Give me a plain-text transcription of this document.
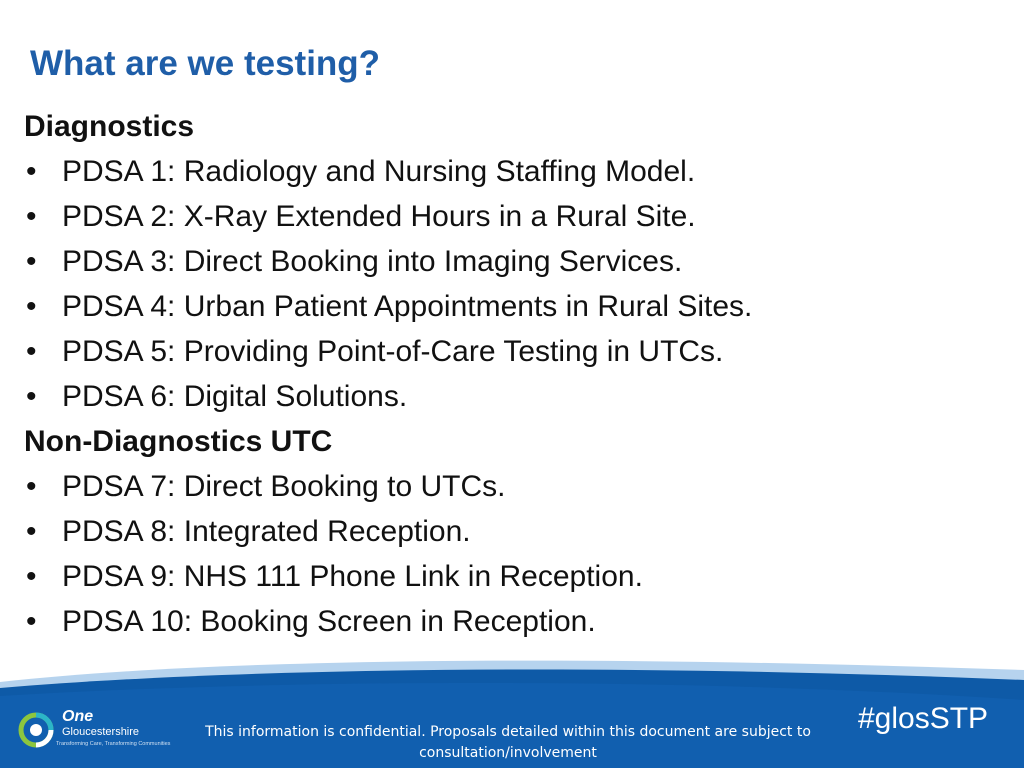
What are we testing?
Diagnostics
• PDSA 1: Radiology and Nursing Staffing Model.
• PDSA 2: X-Ray Extended Hours in a Rural Site.
• PDSA 3: Direct Booking into Imaging Services.
• PDSA 4: Urban Patient Appointments in Rural Sites.
• PDSA 5: Providing Point-of-Care Testing in UTCs.
• PDSA 6: Digital Solutions.
Non-Diagnostics UTC
• PDSA 7: Direct Booking to UTCs.
• PDSA 8: Integrated Reception.
• PDSA 9: NHS 111 Phone Link in Reception.
• PDSA 10: Booking Screen in Reception.
One
Gloucestershire
Transforming Care, Transforming Communities
This information is confidential. Proposals detailed within this document are subject to
consultation/involvement
#glosSTP
